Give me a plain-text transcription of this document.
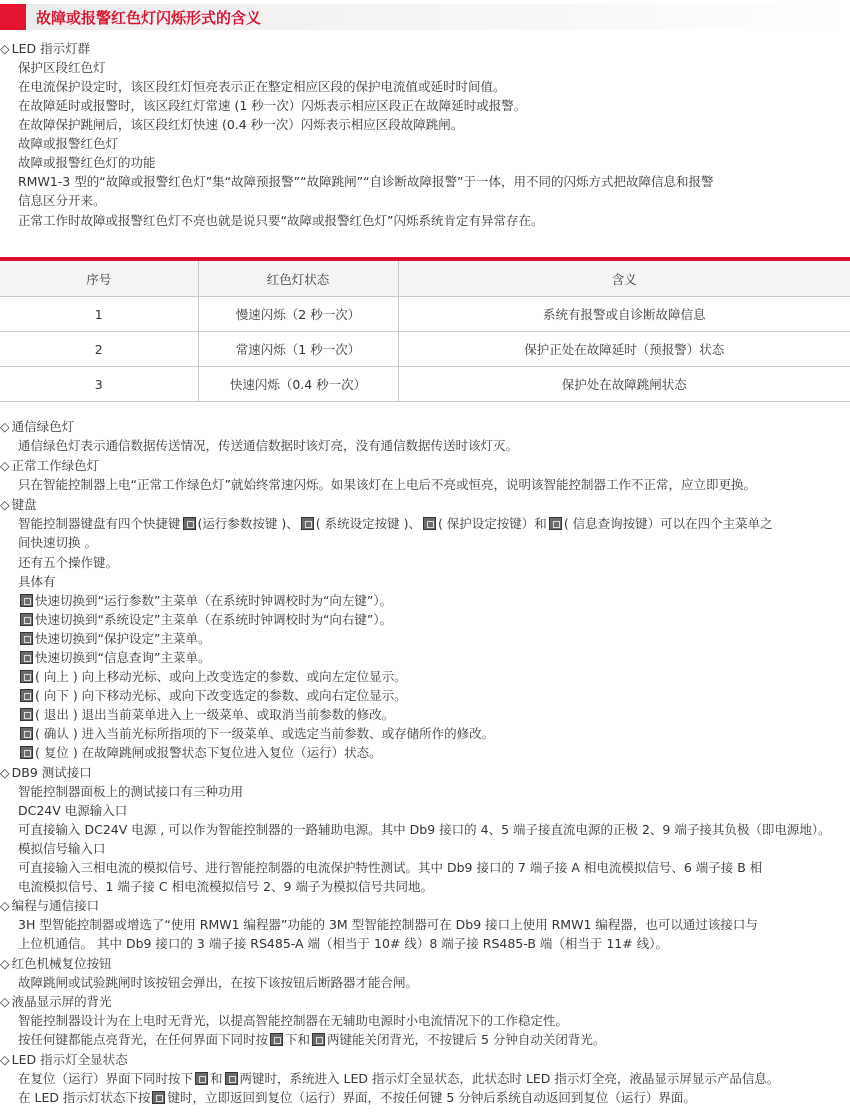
故障或报警红色灯闪烁形式的含义
◇ LED 指示灯群
保护区段红色灯
在电流保护设定时，该区段红灯恒亮表示正在整定相应区段的保护电流值或延时时间值。
在故障延时或报警时，该区段红灯常速 (1 秒一次）闪烁表示相应区段正在故障延时或报警。
在故障保护跳闸后，该区段红灯快速 (0.4 秒一次）闪烁表示相应区段故障跳闸。
故障或报警红色灯
故障或报警红色灯的功能
RMW1-3 型的“故障或报警红色灯”集“故障预报警”“故障跳闸”“自诊断故障报警”于一体，用不同的闪烁方式把故障信息和报警
信息区分开来。
正常工作时故障或报警红色灯不亮也就是说只要“故障或报警红色灯”闪烁系统肯定有异常存在。
序号	红色灯状态	含义
1	慢速闪烁（2 秒一次）	系统有报警或自诊断故障信息
2	常速闪烁（1 秒一次）	保护正处在故障延时（预报警）状态
3	快速闪烁（0.4 秒一次）	保护处在故障跳闸状态
◇ 通信绿色灯
通信绿色灯表示通信数据传送情况，传送通信数据时该灯亮，没有通信数据传送时该灯灭。
◇ 正常工作绿色灯
只在智能控制器上电“正常工作绿色灯”就始终常速闪烁。如果该灯在上电后不亮或恒亮，说明该智能控制器工作不正常，应立即更换。
◇ 键盘
智能控制器键盘有四个快捷键 (运行参数按键 )、 ( 系统设定按键 )、 ( 保护设定按键）和 ( 信息查询按键）可以在四个主菜单之
间快速切换 。
还有五个操作键。
具体有
快速切换到“运行参数”主菜单（在系统时钟调校时为“向左键”）。
快速切换到“系统设定”主菜单（在系统时钟调校时为“向右键”）。
快速切换到“保护设定”主菜单。
快速切换到“信息查询”主菜单。
( 向上 ) 向上移动光标、或向上改变选定的参数、或向左定位显示。
( 向下 ) 向下移动光标、或向下改变选定的参数、或向右定位显示。
( 退出 ) 退出当前菜单进入上一级菜单、或取消当前参数的修改。
( 确认 ) 进入当前光标所指项的下一级菜单、或选定当前参数、或存储所作的修改。
( 复位 ) 在故障跳闸或报警状态下复位进入复位（运行）状态。
◇ DB9 测试接口
智能控制器面板上的测试接口有三种功用
DC24V 电源输入口
可直接输入 DC24V 电源 , 可以作为智能控制器的一路辅助电源。其中 Db9 接口的 4、5 端子接直流电源的正极 2、9 端子接其负极（即电源地）。
模拟信号输入口
可直接输入三相电流的模拟信号、进行智能控制器的电流保护特性测试。其中 Db9 接口的 7 端子接 A 相电流模拟信号、6 端子接 B 相
电流模拟信号、1 端子接 C 相电流模拟信号 2、9 端子为模拟信号共同地。
◇ 编程与通信接口
3H 型智能控制器或增选了“使用 RMW1 编程器”功能的 3M 型智能控制器可在 Db9 接口上使用 RMW1 编程器，也可以通过该接口与
上位机通信。 其中 Db9 接口的 3 端子接 RS485-A 端（相当于 10# 线）8 端子接 RS485-B 端（相当于 11# 线）。
◇ 红色机械复位按钮
故障跳闸或试验跳闸时该按钮会弹出，在按下该按钮后断路器才能合闸。
◇ 液晶显示屏的背光
智能控制器设计为在上电时无背光，以提高智能控制器在无辅助电源时小电流情况下的工作稳定性。
按任何键都能点亮背光，在任何界面下同时按 下和 两键能关闭背光，不按键后 5 分钟自动关闭背光。
◇ LED 指示灯全显状态
在复位（运行）界面下同时按下 和 两键时，系统进入 LED 指示灯全显状态，此状态时 LED 指示灯全亮，液晶显示屏显示产品信息。
在 LED 指示灯状态下按 键时，立即返回到复位（运行）界面，不按任何键 5 分钟后系统自动返回到复位（运行）界面。
